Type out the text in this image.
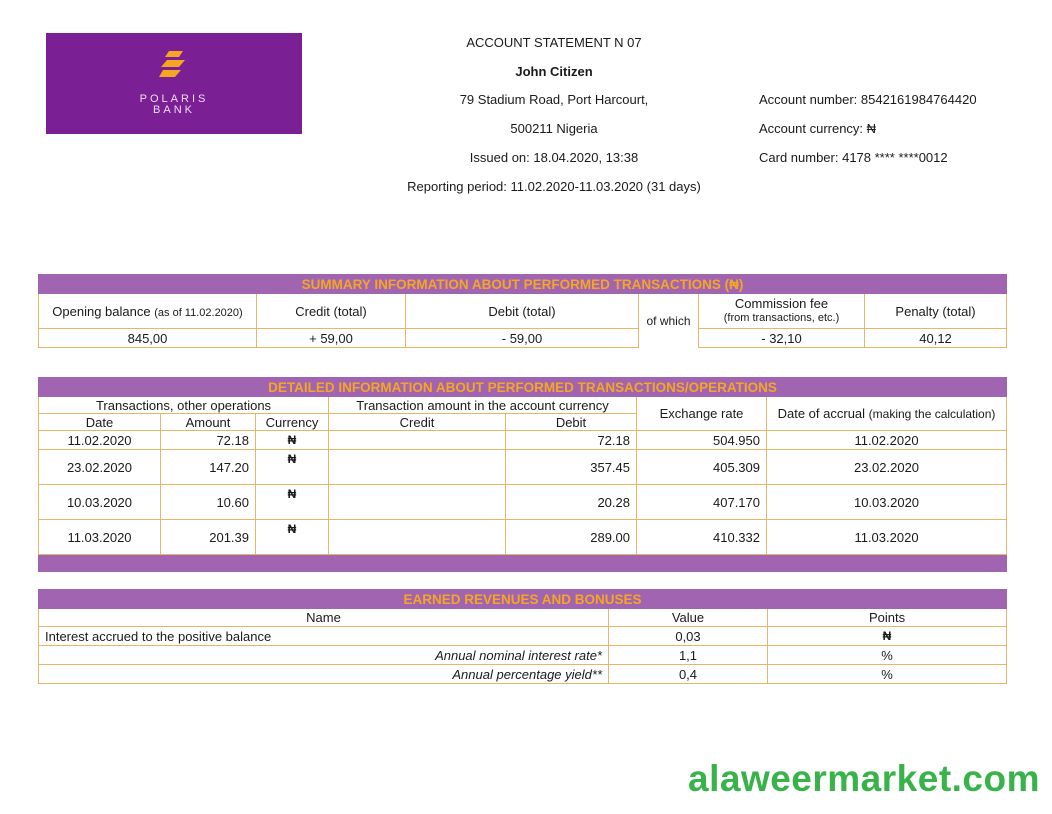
POLARIS
BANK
ACCOUNT STATEMENT N 07
John Citizen
79 Stadium Road, Port Harcourt,
500211 Nigeria
Issued on: 18.04.2020, 13:38
Reporting period: 11.02.2020-11.03.2020 (31 days)
Account number: 8542161984764420
Account currency: ₦
Card number: 4178 **** ****0012
SUMMARY INFORMATION ABOUT PERFORMED TRANSACTIONS (₦)					
Opening balance (as of 11.02.2020)	Credit (total)	Debit (total)	of which	Commission fee
(from transactions, etc.)	Penalty (total)
845,00	+ 59,00	- 59,00		- 32,10	40,12
DETAILED INFORMATION ABOUT PERFORMED TRANSACTIONS/OPERATIONS						
Transactions, other operations			Transaction amount in the account currency		Exchange rate	Date of accrual (making the calculation)
Date	Amount	Currency	Credit	Debit		
11.02.2020	72.18	₦		72.18	504.950	11.02.2020
23.02.2020	147.20	₦		357.45	405.309	23.02.2020
10.03.2020	10.60	₦		20.28	407.170	10.03.2020
11.03.2020	201.39	₦		289.00	410.332	11.03.2020

EARNED REVENUES AND BONUSES		
Name	Value	Points
Interest accrued to the positive balance	0,03	₦
Annual nominal interest rate*	1,1	%
Annual percentage yield**	0,4	%
alaweermarket.com
